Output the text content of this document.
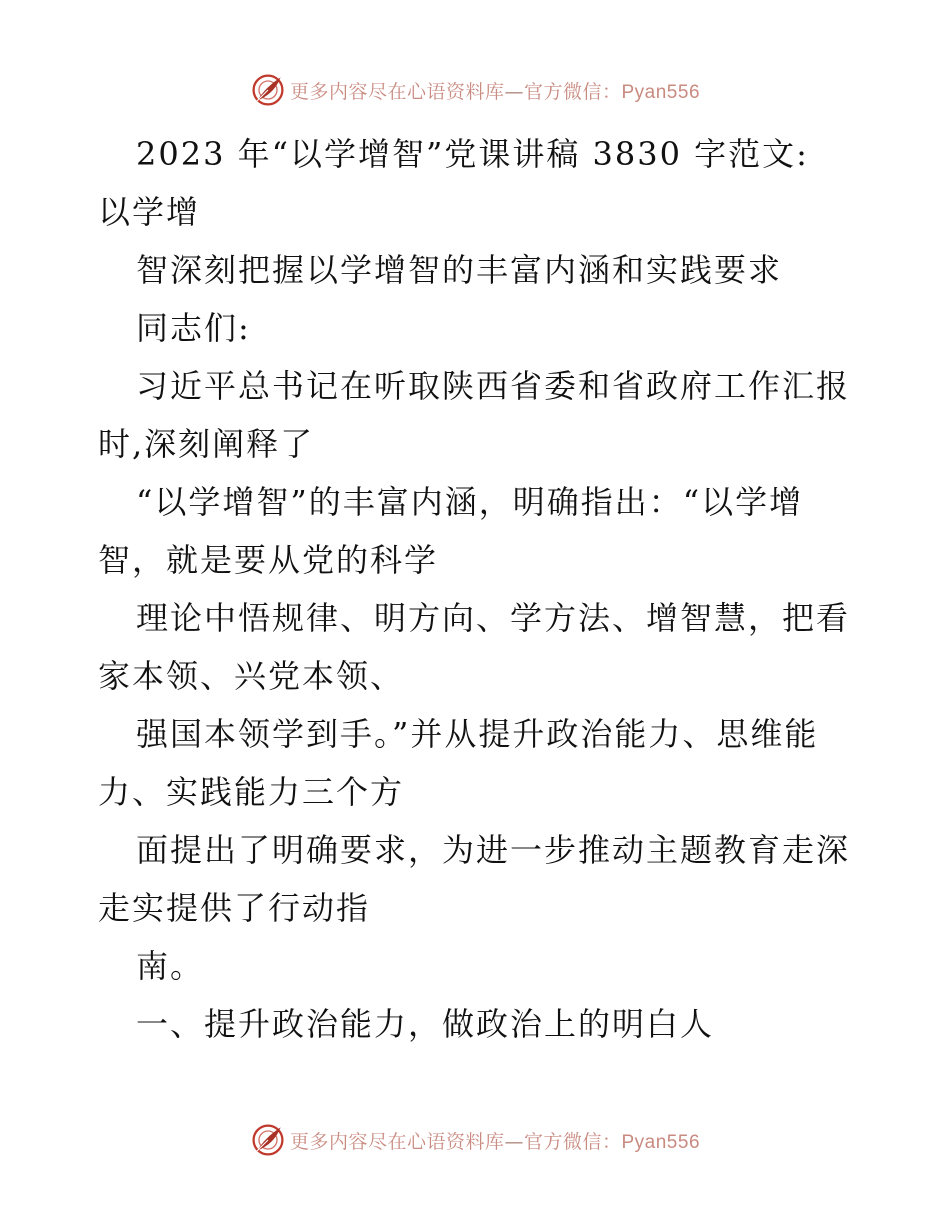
更多内容尽在心语资料库—官方微信：Pyan556
2023 年“以学增智”党课讲稿 3830 字范文:
以学增
智深刻把握以学增智的丰富内涵和实践要求
同志们:
习近平总书记在听取陕西省委和省政府工作汇报
时,深刻阐释了
“以学增智”的丰富内涵，明确指出：“以学增
智，就是要从党的科学
理论中悟规律、明方向、学方法、增智慧，把看
家本领、兴党本领、
强国本领学到手。”并从提升政治能力、思维能
力、实践能力三个方
面提出了明确要求，为进一步推动主题教育走深
走实提供了行动指
南。
一、提升政治能力，做政治上的明白人
更多内容尽在心语资料库—官方微信：Pyan556
